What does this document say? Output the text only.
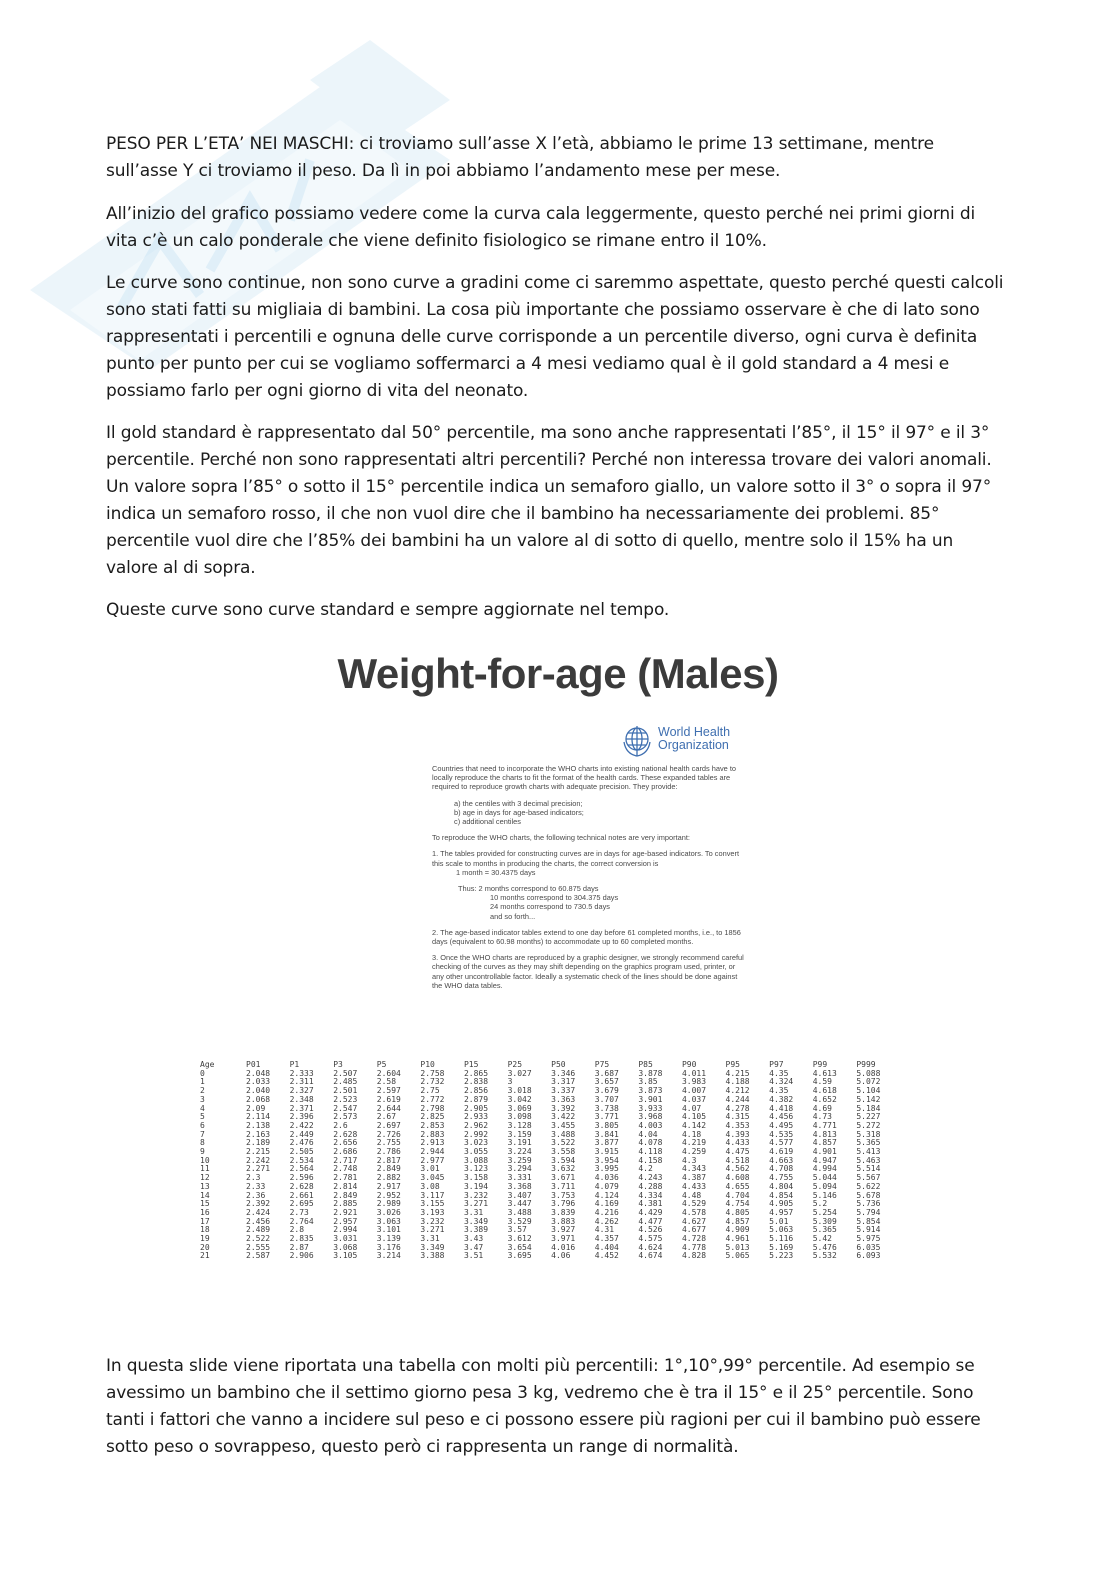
PESO PER L’ETA’ NEI MASCHI: ci troviamo sull’asse X l’età, abbiamo le prime 13 settimane, mentre sull’asse Y ci troviamo il peso. Da lì in poi abbiamo l’andamento mese per mese.

All’inizio del grafico possiamo vedere come la curva cala leggermente, questo perché nei primi giorni di vita c’è un calo ponderale che viene definito fisiologico se rimane entro il 10%.

Le curve sono continue, non sono curve a gradini come ci saremmo aspettate, questo perché questi calcoli sono stati fatti su migliaia di bambini. La cosa più importante che possiamo osservare è che di lato sono rappresentati i percentili e ognuna delle curve corrisponde a un percentile diverso, ogni curva è definita punto per punto per cui se vogliamo soffermarci a 4 mesi vediamo qual è il gold standard a 4 mesi e possiamo farlo per ogni giorno di vita del neonato.

Il gold standard è rappresentato dal 50° percentile, ma sono anche rappresentati l’85°, il 15° il 97° e il 3° percentile. Perché non sono rappresentati altri percentili? Perché non interessa trovare dei valori anomali. Un valore sopra l’85° o sotto il 15° percentile indica un semaforo giallo, un valore sotto il 3° o sopra il 97° indica un semaforo rosso, il che non vuol dire che il bambino ha necessariamente dei problemi. 85° percentile vuol dire che l’85% dei bambini ha un valore al di sotto di quello, mentre solo il 15% ha un valore al di sopra.

Queste curve sono curve standard e sempre aggiornate nel tempo.

Weight-for-age (Males)
World Health
Organization

Countries that need to incorporate the WHO charts into existing national health cards have to locally reproduce the charts to fit the format of the health cards. These expanded tables are required to reproduce growth charts with adequate precision. They provide:

a) the centiles with 3 decimal precision;
b) age in days for age-based indicators;
c) additional centiles

To reproduce the WHO charts, the following technical notes are very important:

1. The tables provided for constructing curves are in days for age-based indicators. To convert this scale to months in producing the charts, the correct conversion is

1 month = 30.4375 days

Thus: 2 months correspond to 60.875 days
10 months correspond to 304.375 days
24 months correspond to 730.5 days
and so forth...

2. The age-based indicator tables extend to one day before 61 completed months, i.e., to 1856 days (equivalent to 60.98 months) to accommodate up to 60 completed months.

3. Once the WHO charts are reproduced by a graphic designer, we strongly recommend careful checking of the curves as they may shift depending on the graphics program used, printer, or any other uncontrollable factor. Ideally a systematic check of the lines should be done against the WHO data tables.

Age	P01	P1	P3	P5	P10	P15	P25	P50	P75	P85	P90	P95	P97	P99	P999
0	2.048	2.333	2.507	2.604	2.758	2.865	3.027	3.346	3.687	3.878	4.011	4.215	4.35	4.613	5.088
1	2.033	2.311	2.485	2.58	2.732	2.838	3	3.317	3.657	3.85	3.983	4.188	4.324	4.59	5.072
2	2.040	2.327	2.501	2.597	2.75	2.856	3.018	3.337	3.679	3.873	4.007	4.212	4.35	4.618	5.104
3	2.068	2.348	2.523	2.619	2.772	2.879	3.042	3.363	3.707	3.901	4.037	4.244	4.382	4.652	5.142
4	2.09	2.371	2.547	2.644	2.798	2.905	3.069	3.392	3.738	3.933	4.07	4.278	4.418	4.69	5.184
5	2.114	2.396	2.573	2.67	2.825	2.933	3.098	3.422	3.771	3.968	4.105	4.315	4.456	4.73	5.227
6	2.138	2.422	2.6	2.697	2.853	2.962	3.128	3.455	3.805	4.003	4.142	4.353	4.495	4.771	5.272
7	2.163	2.449	2.628	2.726	2.883	2.992	3.159	3.488	3.841	4.04	4.18	4.393	4.535	4.813	5.318
8	2.189	2.476	2.656	2.755	2.913	3.023	3.191	3.522	3.877	4.078	4.219	4.433	4.577	4.857	5.365
9	2.215	2.505	2.686	2.786	2.944	3.055	3.224	3.558	3.915	4.118	4.259	4.475	4.619	4.901	5.413
10	2.242	2.534	2.717	2.817	2.977	3.088	3.259	3.594	3.954	4.158	4.3	4.518	4.663	4.947	5.463
11	2.271	2.564	2.748	2.849	3.01	3.123	3.294	3.632	3.995	4.2	4.343	4.562	4.708	4.994	5.514
12	2.3	2.596	2.781	2.882	3.045	3.158	3.331	3.671	4.036	4.243	4.387	4.608	4.755	5.044	5.567
13	2.33	2.628	2.814	2.917	3.08	3.194	3.368	3.711	4.079	4.288	4.433	4.655	4.804	5.094	5.622
14	2.36	2.661	2.849	2.952	3.117	3.232	3.407	3.753	4.124	4.334	4.48	4.704	4.854	5.146	5.678
15	2.392	2.695	2.885	2.989	3.155	3.271	3.447	3.796	4.169	4.381	4.529	4.754	4.905	5.2	5.736
16	2.424	2.73	2.921	3.026	3.193	3.31	3.488	3.839	4.216	4.429	4.578	4.805	4.957	5.254	5.794
17	2.456	2.764	2.957	3.063	3.232	3.349	3.529	3.883	4.262	4.477	4.627	4.857	5.01	5.309	5.854
18	2.489	2.8	2.994	3.101	3.271	3.389	3.57	3.927	4.31	4.526	4.677	4.909	5.063	5.365	5.914
19	2.522	2.835	3.031	3.139	3.31	3.43	3.612	3.971	4.357	4.575	4.728	4.961	5.116	5.42	5.975
20	2.555	2.87	3.068	3.176	3.349	3.47	3.654	4.016	4.404	4.624	4.778	5.013	5.169	5.476	6.035
21	2.587	2.906	3.105	3.214	3.388	3.51	3.695	4.06	4.452	4.674	4.828	5.065	5.223	5.532	6.093

In questa slide viene riportata una tabella con molti più percentili: 1°,10°,99° percentile. Ad esempio se avessimo un bambino che il settimo giorno pesa 3 kg, vedremo che è tra il 15° e il 25° percentile. Sono tanti i fattori che vanno a incidere sul peso e ci possono essere più ragioni per cui il bambino può essere sotto peso o sovrappeso, questo però ci rappresenta un range di normalità.
